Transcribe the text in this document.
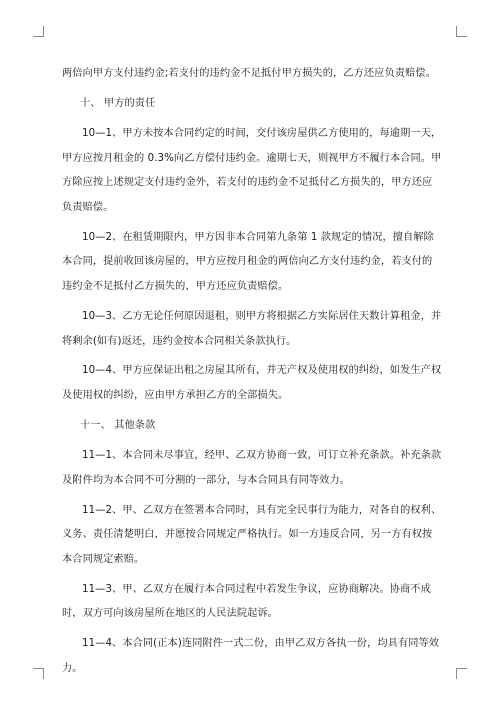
两倍向甲方支付违约金;若支付的违约金不足抵付甲方损失的，乙方还应负责赔偿。

十、 甲方的责任

10—1、甲方未按本合同约定的时间，交付该房屋供乙方使用的，每逾期一天，甲方应按月租金的 0.3%向乙方偿付违约金。逾期七天，则视甲方不履行本合同。甲方除应按上述规定支付违约金外，若支付的违约金不足抵付乙方损失的，甲方还应负责赔偿。

10—2、在租赁期限内，甲方因非本合同第九条第 1 款规定的情况，擅自解除本合同，提前收回该房屋的，甲方应按月租金的两倍向乙方支付违约金，若支付的违约金不足抵付乙方损失的，甲方还应负责赔偿。

10—3、乙方无论任何原因退租，则甲方将根据乙方实际居住天数计算租金，并将剩余(如有)返还，违约金按本合同相关条款执行。

10—4、甲方应保证出租之房屋其所有，并无产权及使用权的纠纷，如发生产权及使用权的纠纷，应由甲方承担乙方的全部损失。

十一、 其他条款

11—1、本合同未尽事宜，经甲、乙双方协商一致，可订立补充条款。补充条款及附件均为本合同不可分割的一部分，与本合同具有同等效力。

11—2、甲、乙双方在签署本合同时，具有完全民事行为能力，对各自的权利、义务、责任清楚明白，并愿按合同规定严格执行。如一方违反合同，另一方有权按本合同规定索赔。

11—3、甲、乙双方在履行本合同过程中若发生争议，应协商解决。协商不成时，双方可向该房屋所在地区的人民法院起诉。

11—4、本合同(正本)连同附件一式二份，由甲乙双方各执一份，均具有同等效力。
